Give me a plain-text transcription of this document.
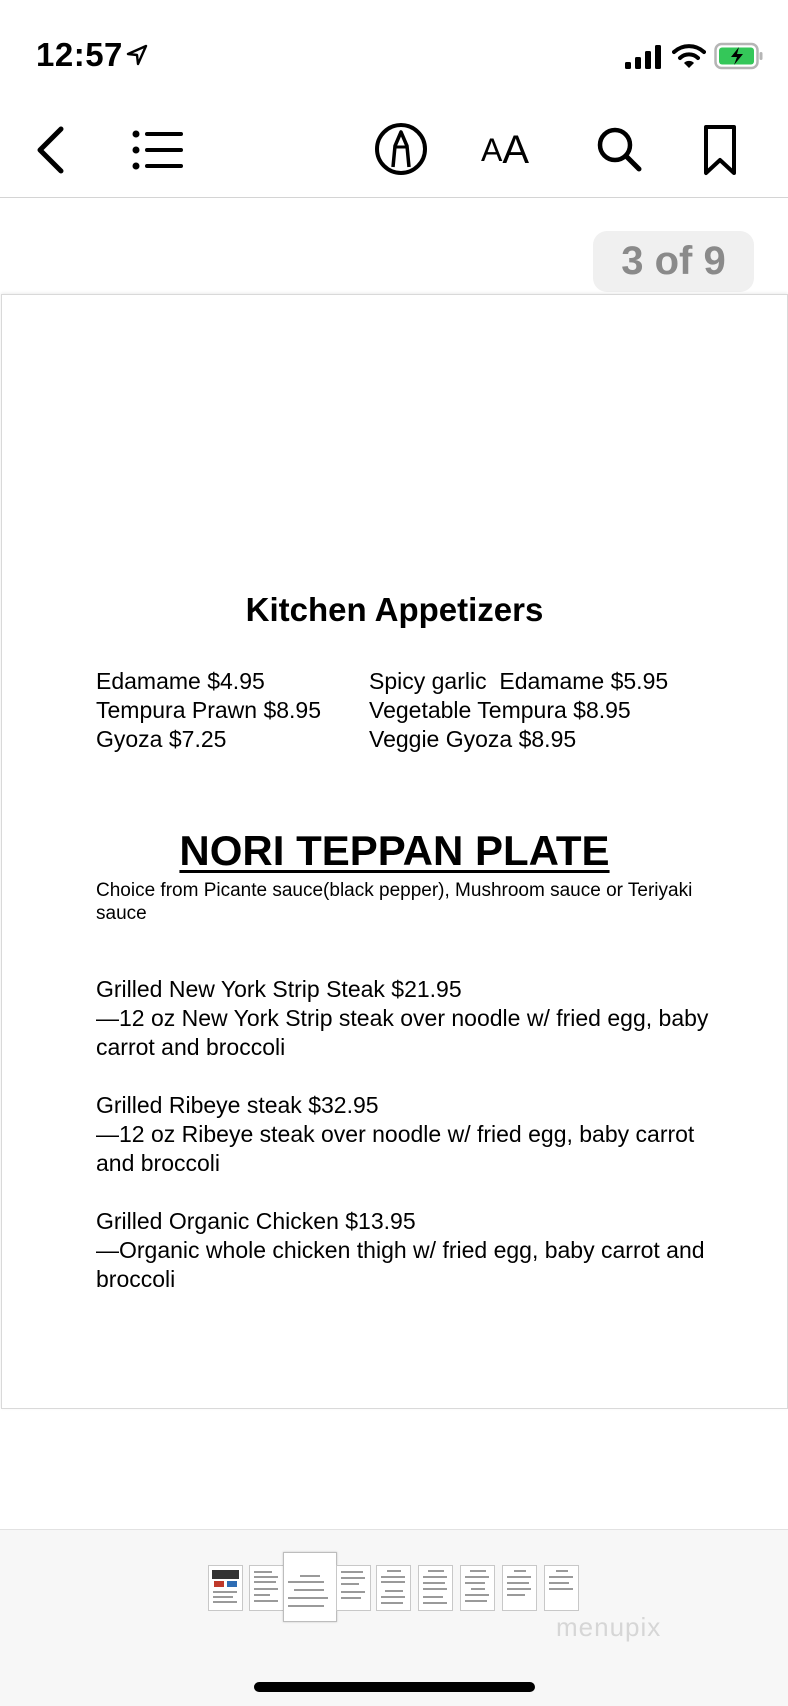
12:57
A A
3 of 9
Kitchen Appetizers
Edamame $4.95
Tempura Prawn $8.95
Gyoza $7.25
Spicy garlic  Edamame $5.95
Vegetable Tempura $8.95
Veggie Gyoza $8.95
NORI TEPPAN PLATE
Choice from Picante sauce(black pepper), Mushroom sauce or Teriyaki sauce
Grilled New York Strip Steak $21.95
—12 oz New York Strip steak over noodle w/ fried egg, baby carrot and broccoli
Grilled Ribeye steak $32.95
—12 oz Ribeye steak over noodle w/ fried egg, baby carrot and broccoli
Grilled Organic Chicken $13.95
—Organic whole chicken thigh w/ fried egg, baby carrot and broccoli
menupix
